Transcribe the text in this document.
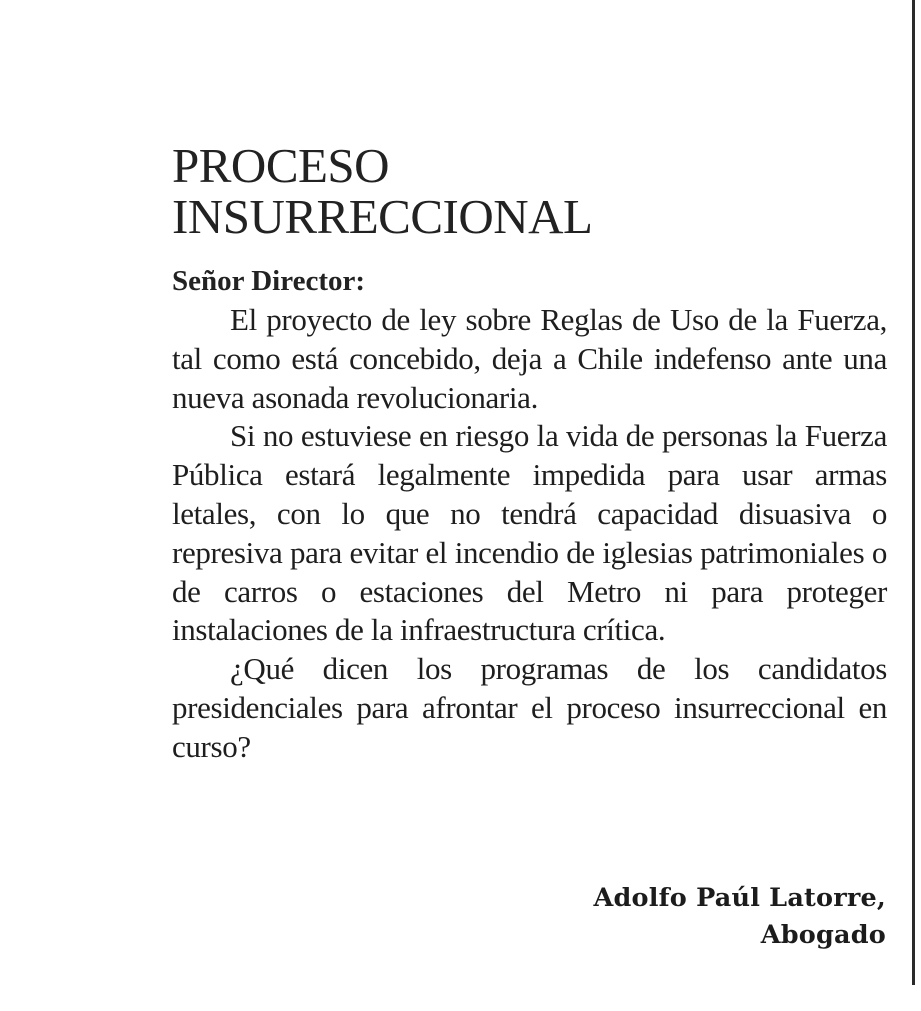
PROCESO
INSURRECCIONAL

Señor Director:

El proyecto de ley sobre Reglas de Uso de la Fuerza, tal como está concebido, deja a Chile indefenso ante una nueva asonada revolucionaria.

Si no estuviese en riesgo la vida de personas la Fuerza Pública estará legalmente impedida para usar armas letales, con lo que no tendrá capacidad disuasiva o represiva para evitar el incendio de iglesias patrimoniales o de carros o estaciones del Metro ni para proteger instalaciones de la infraestructura crítica.

¿Qué dicen los programas de los candidatos presidenciales para afrontar el proceso insurreccional en curso?

Adolfo Paúl Latorre,
Abogado
